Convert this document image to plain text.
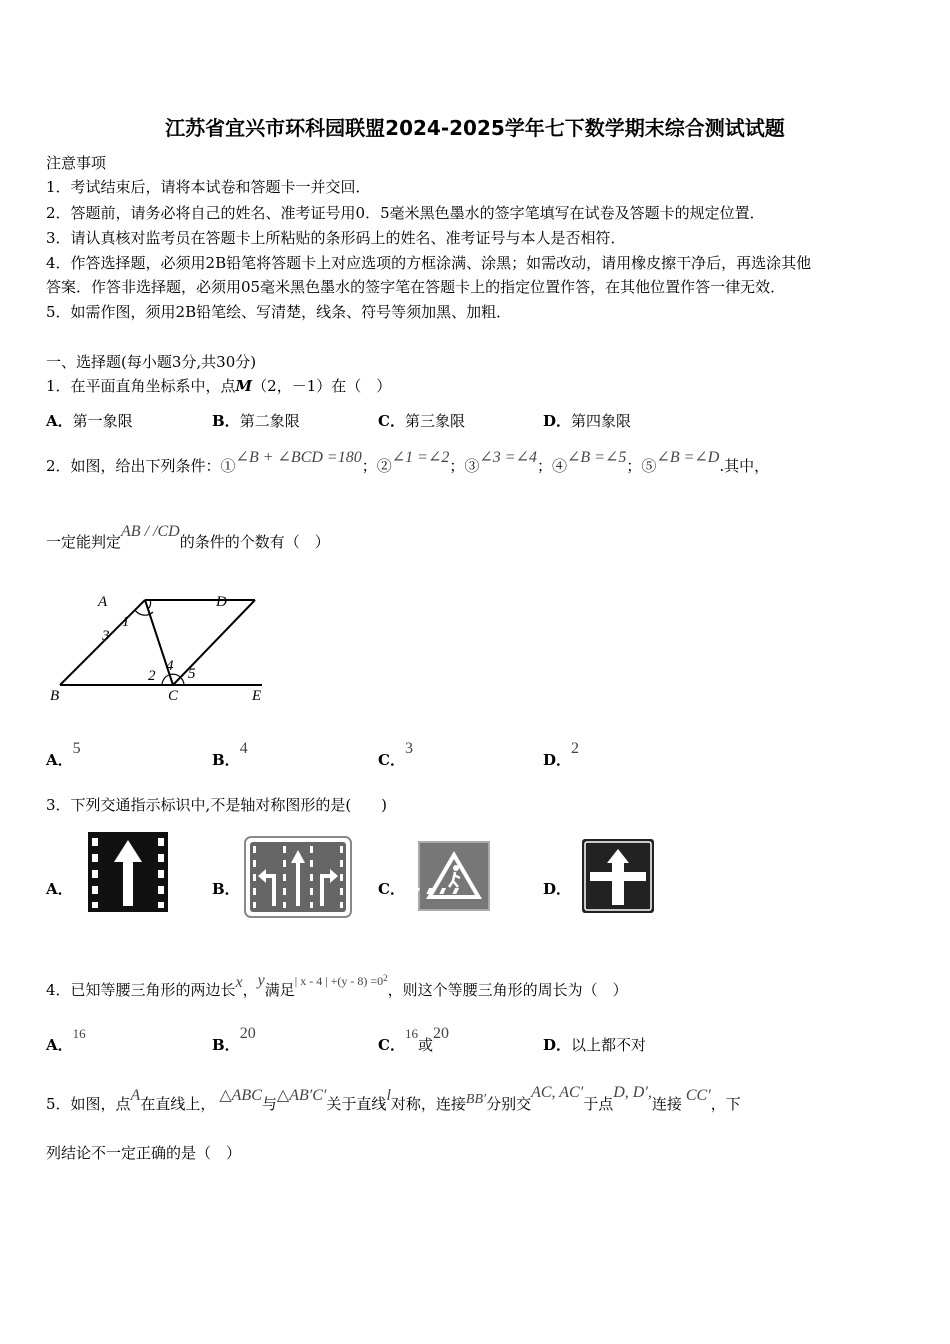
江苏省宜兴市环科园联盟2024-2025学年七下数学期末综合测试试题
注意事项
1．考试结束后，请将本试卷和答题卡一并交回．
2．答题前，请务必将自己的姓名、准考证号用0．5毫米黑色墨水的签字笔填写在试卷及答题卡的规定位置．
3．请认真核对监考员在答题卡上所粘贴的条形码上的姓名、准考证号与本人是否相符．
4．作答选择题，必须用2B铅笔将答题卡上对应选项的方框涂满、涂黑；如需改动，请用橡皮擦干净后，再选涂其他
答案．作答非选择题，必须用05毫米黑色墨水的签字笔在答题卡上的指定位置作答，在其他位置作答一律无效．
5．如需作图，须用2B铅笔绘、写清楚，线条、符号等须加黑、加粗．
一、选择题(每小题3分,共30分)
1．在平面直角坐标系中，点M（2，－1）在（　）
A．第一象限	B．第二象限	C．第三象限	D．第四象限
2．如图，给出下列条件：①∠B + ∠BCD =180；②∠1 =∠2；③∠3 =∠4；④∠B =∠5；⑤∠B =∠D.其中，
一定能判定AB / /CD的条件的个数有（　）
A	D
1
3
2
4 5
B	C	E
A．5
B．4
C．3
D．2
3．下列交通指示标识中,不是轴对称图形的是(　　)
A．	B．	C．	D．
4．已知等腰三角形的两边长x，y满足$^{| x - 4 | +(y - 8) =02}$，则这个等腰三角形的周长为（　）
A．16
B．20
C．16或20
D．以上都不对
5．如图，点A在直线上， △ABC与△AB′C′关于直线l对称，连接BB′分别交AC, AC′于点D, D′,连接 CC′，下
列结论不一定正确的是（　）
